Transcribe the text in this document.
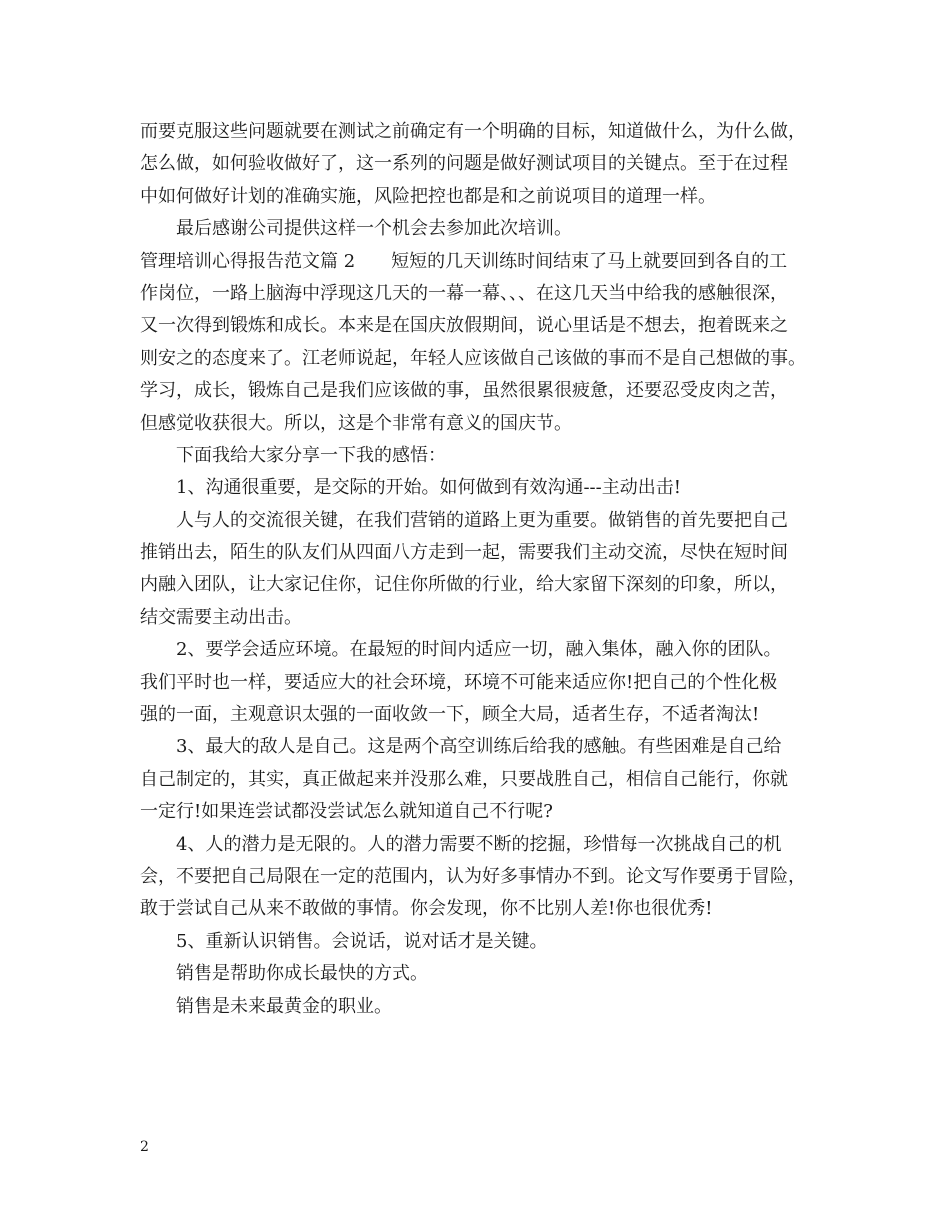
而要克服这些问题就要在测试之前确定有一个明确的目标，知道做什么，为什么做，
怎么做，如何验收做好了，这一系列的问题是做好测试项目的关键点。至于在过程
中如何做好计划的准确实施，风险把控也都是和之前说项目的道理一样。
最后感谢公司提供这样一个机会去参加此次培训。
管理培训心得报告范文篇 2　　短短的几天训练时间结束了马上就要回到各自的工
作岗位，一路上脑海中浮现这几天的一幕一幕、、、在这几天当中给我的感触很深，
又一次得到锻炼和成长。本来是在国庆放假期间，说心里话是不想去，抱着既来之
则安之的态度来了。江老师说起，年轻人应该做自己该做的事而不是自己想做的事。
学习，成长，锻炼自己是我们应该做的事，虽然很累很疲惫，还要忍受皮肉之苦，
但感觉收获很大。所以，这是个非常有意义的国庆节。
下面我给大家分享一下我的感悟：
1、沟通很重要，是交际的开始。如何做到有效沟通---主动出击!
人与人的交流很关键，在我们营销的道路上更为重要。做销售的首先要把自己
推销出去，陌生的队友们从四面八方走到一起，需要我们主动交流，尽快在短时间
内融入团队，让大家记住你，记住你所做的行业，给大家留下深刻的印象，所以，
结交需要主动出击。
2、要学会适应环境。在最短的时间内适应一切，融入集体，融入你的团队。
我们平时也一样，要适应大的社会环境，环境不可能来适应你!把自己的个性化极
强的一面，主观意识太强的一面收敛一下，顾全大局，适者生存，不适者淘汰!
3、最大的敌人是自己。这是两个高空训练后给我的感触。有些困难是自己给
自己制定的，其实，真正做起来并没那么难，只要战胜自己，相信自己能行，你就
一定行!如果连尝试都没尝试怎么就知道自己不行呢?
4、人的潜力是无限的。人的潜力需要不断的挖掘，珍惜每一次挑战自己的机
会，不要把自己局限在一定的范围内，认为好多事情办不到。论文写作要勇于冒险，
敢于尝试自己从来不敢做的事情。你会发现，你不比别人差!你也很优秀!
5、重新认识销售。会说话，说对话才是关键。
销售是帮助你成长最快的方式。
销售是未来最黄金的职业。
2
